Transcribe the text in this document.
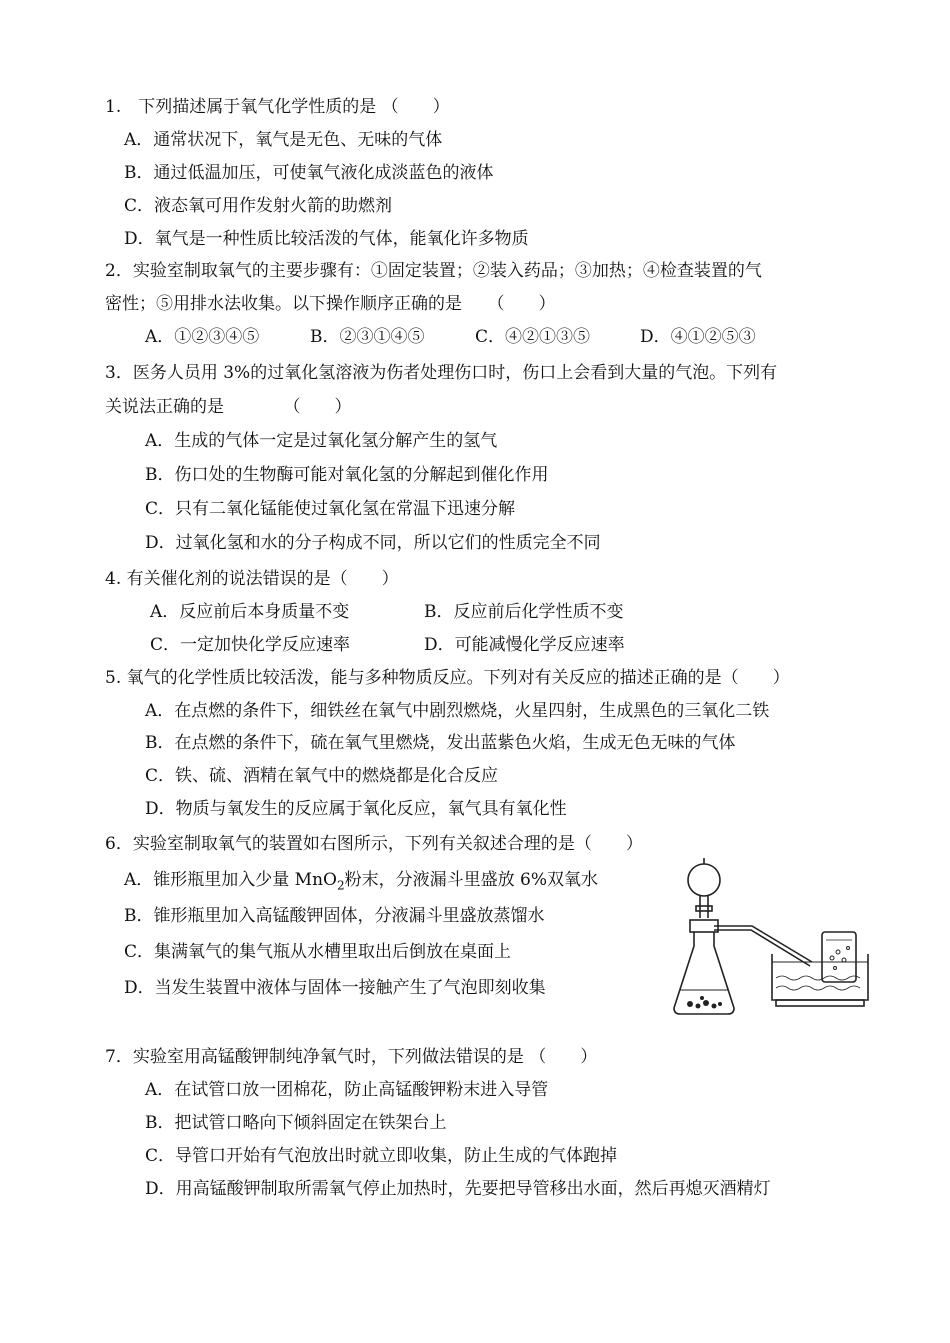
1.　下列描述属于氧气化学性质的是 （　　）
A．通常状况下，氧气是无色、无味的气体
B．通过低温加压，可使氧气液化成淡蓝色的液体
C．液态氧可用作发射火箭的助燃剂
D．氧气是一种性质比较活泼的气体，能氧化许多物质
2．实验室制取氧气的主要步骤有：①固定装置；②装入药品；③加热；④检查装置的气
密性；⑤用排水法收集。以下操作顺序正确的是　　（　　）
A．①②③④⑤	B．②③①④⑤	C．④②①③⑤	D．④①②⑤③
3．医务人员用 3%的过氧化氢溶液为伤者处理伤口时，伤口上会看到大量的气泡。下列有
关说法正确的是　　　　（　　）
A．生成的气体一定是过氧化氢分解产生的氢气
B．伤口处的生物酶可能对氧化氢的分解起到催化作用
C．只有二氧化锰能使过氧化氢在常温下迅速分解
D．过氧化氢和水的分子构成不同，所以它们的性质完全不同
4. 有关催化剂的说法错误的是（　　）
A．反应前后本身质量不变	B．反应前后化学性质不变
C．一定加快化学反应速率	D．可能减慢化学反应速率
5. 氧气的化学性质比较活泼，能与多种物质反应。下列对有关反应的描述正确的是（　　）
A．在点燃的条件下，细铁丝在氧气中剧烈燃烧，火星四射，生成黑色的三氧化二铁
B．在点燃的条件下，硫在氧气里燃烧，发出蓝紫色火焰，生成无色无味的气体
C．铁、硫、酒精在氧气中的燃烧都是化合反应
D．物质与氧发生的反应属于氧化反应，氧气具有氧化性
6．实验室制取氧气的装置如右图所示，下列有关叙述合理的是（　　）
A．锥形瓶里加入少量 MnO$_2$粉末，分液漏斗里盛放 6%双氧水
B．锥形瓶里加入高锰酸钾固体，分液漏斗里盛放蒸馏水
C．集满氧气的集气瓶从水槽里取出后倒放在桌面上
D．当发生装置中液体与固体一接触产生了气泡即刻收集
7．实验室用高锰酸钾制纯净氧气时，下列做法错误的是 （　　）
A．在试管口放一团棉花，防止高锰酸钾粉末进入导管
B．把试管口略向下倾斜固定在铁架台上
C．导管口开始有气泡放出时就立即收集，防止生成的气体跑掉
D．用高锰酸钾制取所需氧气停止加热时，先要把导管移出水面，然后再熄灭酒精灯
